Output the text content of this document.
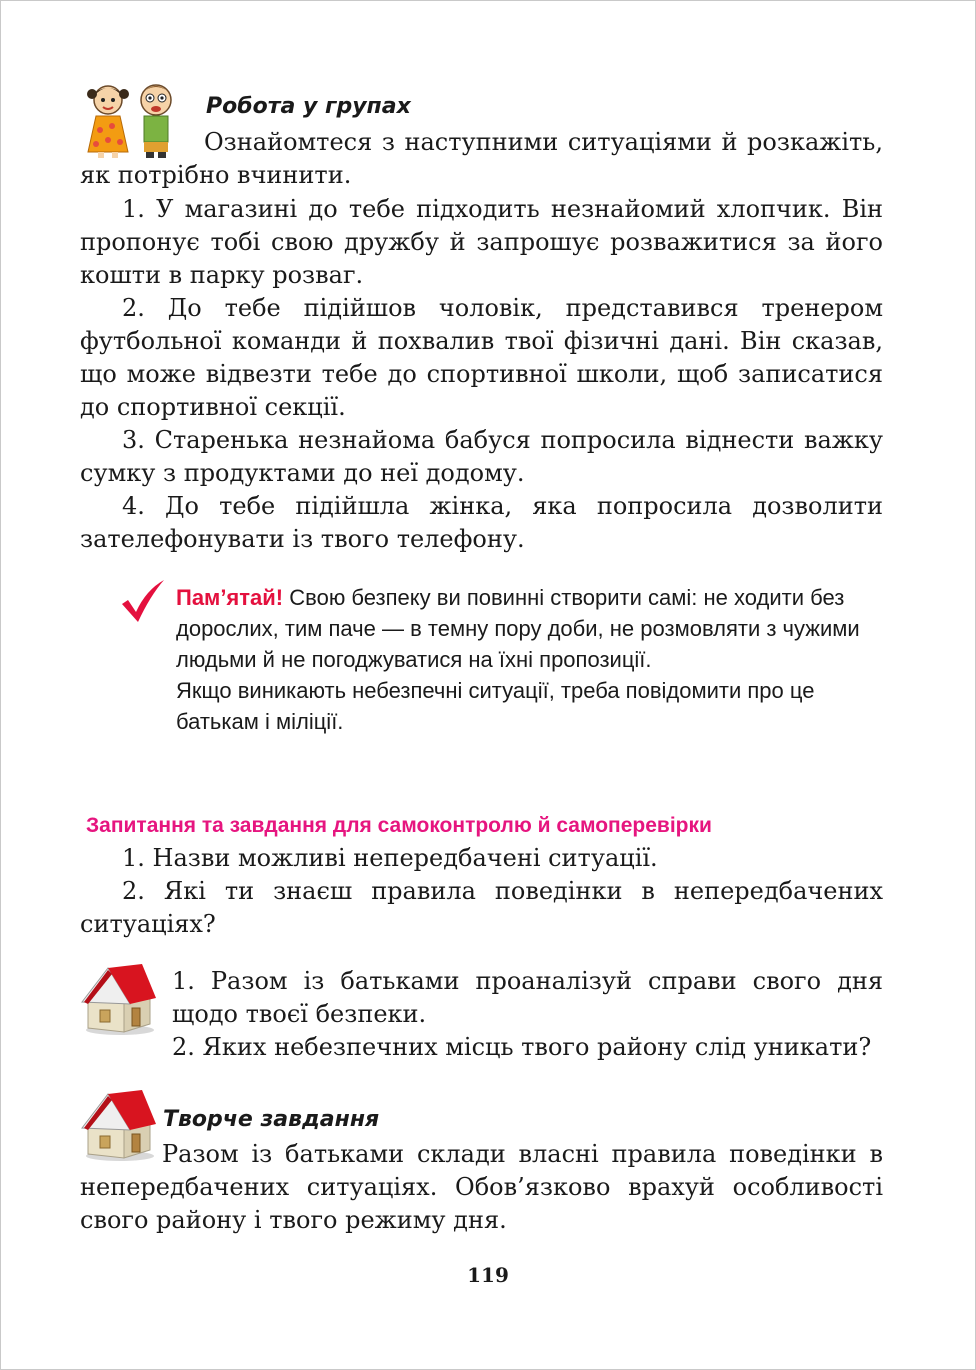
Робота у групах

Ознайомтеся з наступними ситуаціями й розкажіть, як потрібно вчинити.

1. У магазині до тебе підходить незнайомий хлопчик. Він пропонує тобі свою дружбу й запрошує розважитися за його кошти в парку розваг.

2. До тебе підійшов чоловік, представився тренером футбольної команди й похвалив твої фізичні дані. Він сказав, що може відвезти тебе до спортивної школи, щоб записатися до спортивної секції.

3. Старенька незнайома бабуся попросила віднести важку сумку з продуктами до неї додому.

4. До тебе підійшла жінка, яка попросила дозволити зателефонувати із твого телефону.

Пам’ятай! Свою безпеку ви повинні створити самі: не ходити без дорослих, тим паче — в темну пору доби, не розмовляти з чужими людьми й не погоджуватися на їхні пропозиції.

Якщо виникають небезпечні ситуації, треба повідомити про це батькам і міліції.

Запитання та завдання для самоконтролю й самоперевірки

1. Назви можливі непередбачені ситуації.

2. Які ти знаєш правила поведінки в непередбачених ситуаціях?

1. Разом із батьками проаналізуй справи свого дня щодо твоєї безпеки.

2. Яких небезпечних місць твого району слід уникати?

Творче завдання

Разом із батьками склади власні правила поведінки в непередбачених ситуаціях. Обов’язково врахуй особливості свого району і твого режиму дня.

119
